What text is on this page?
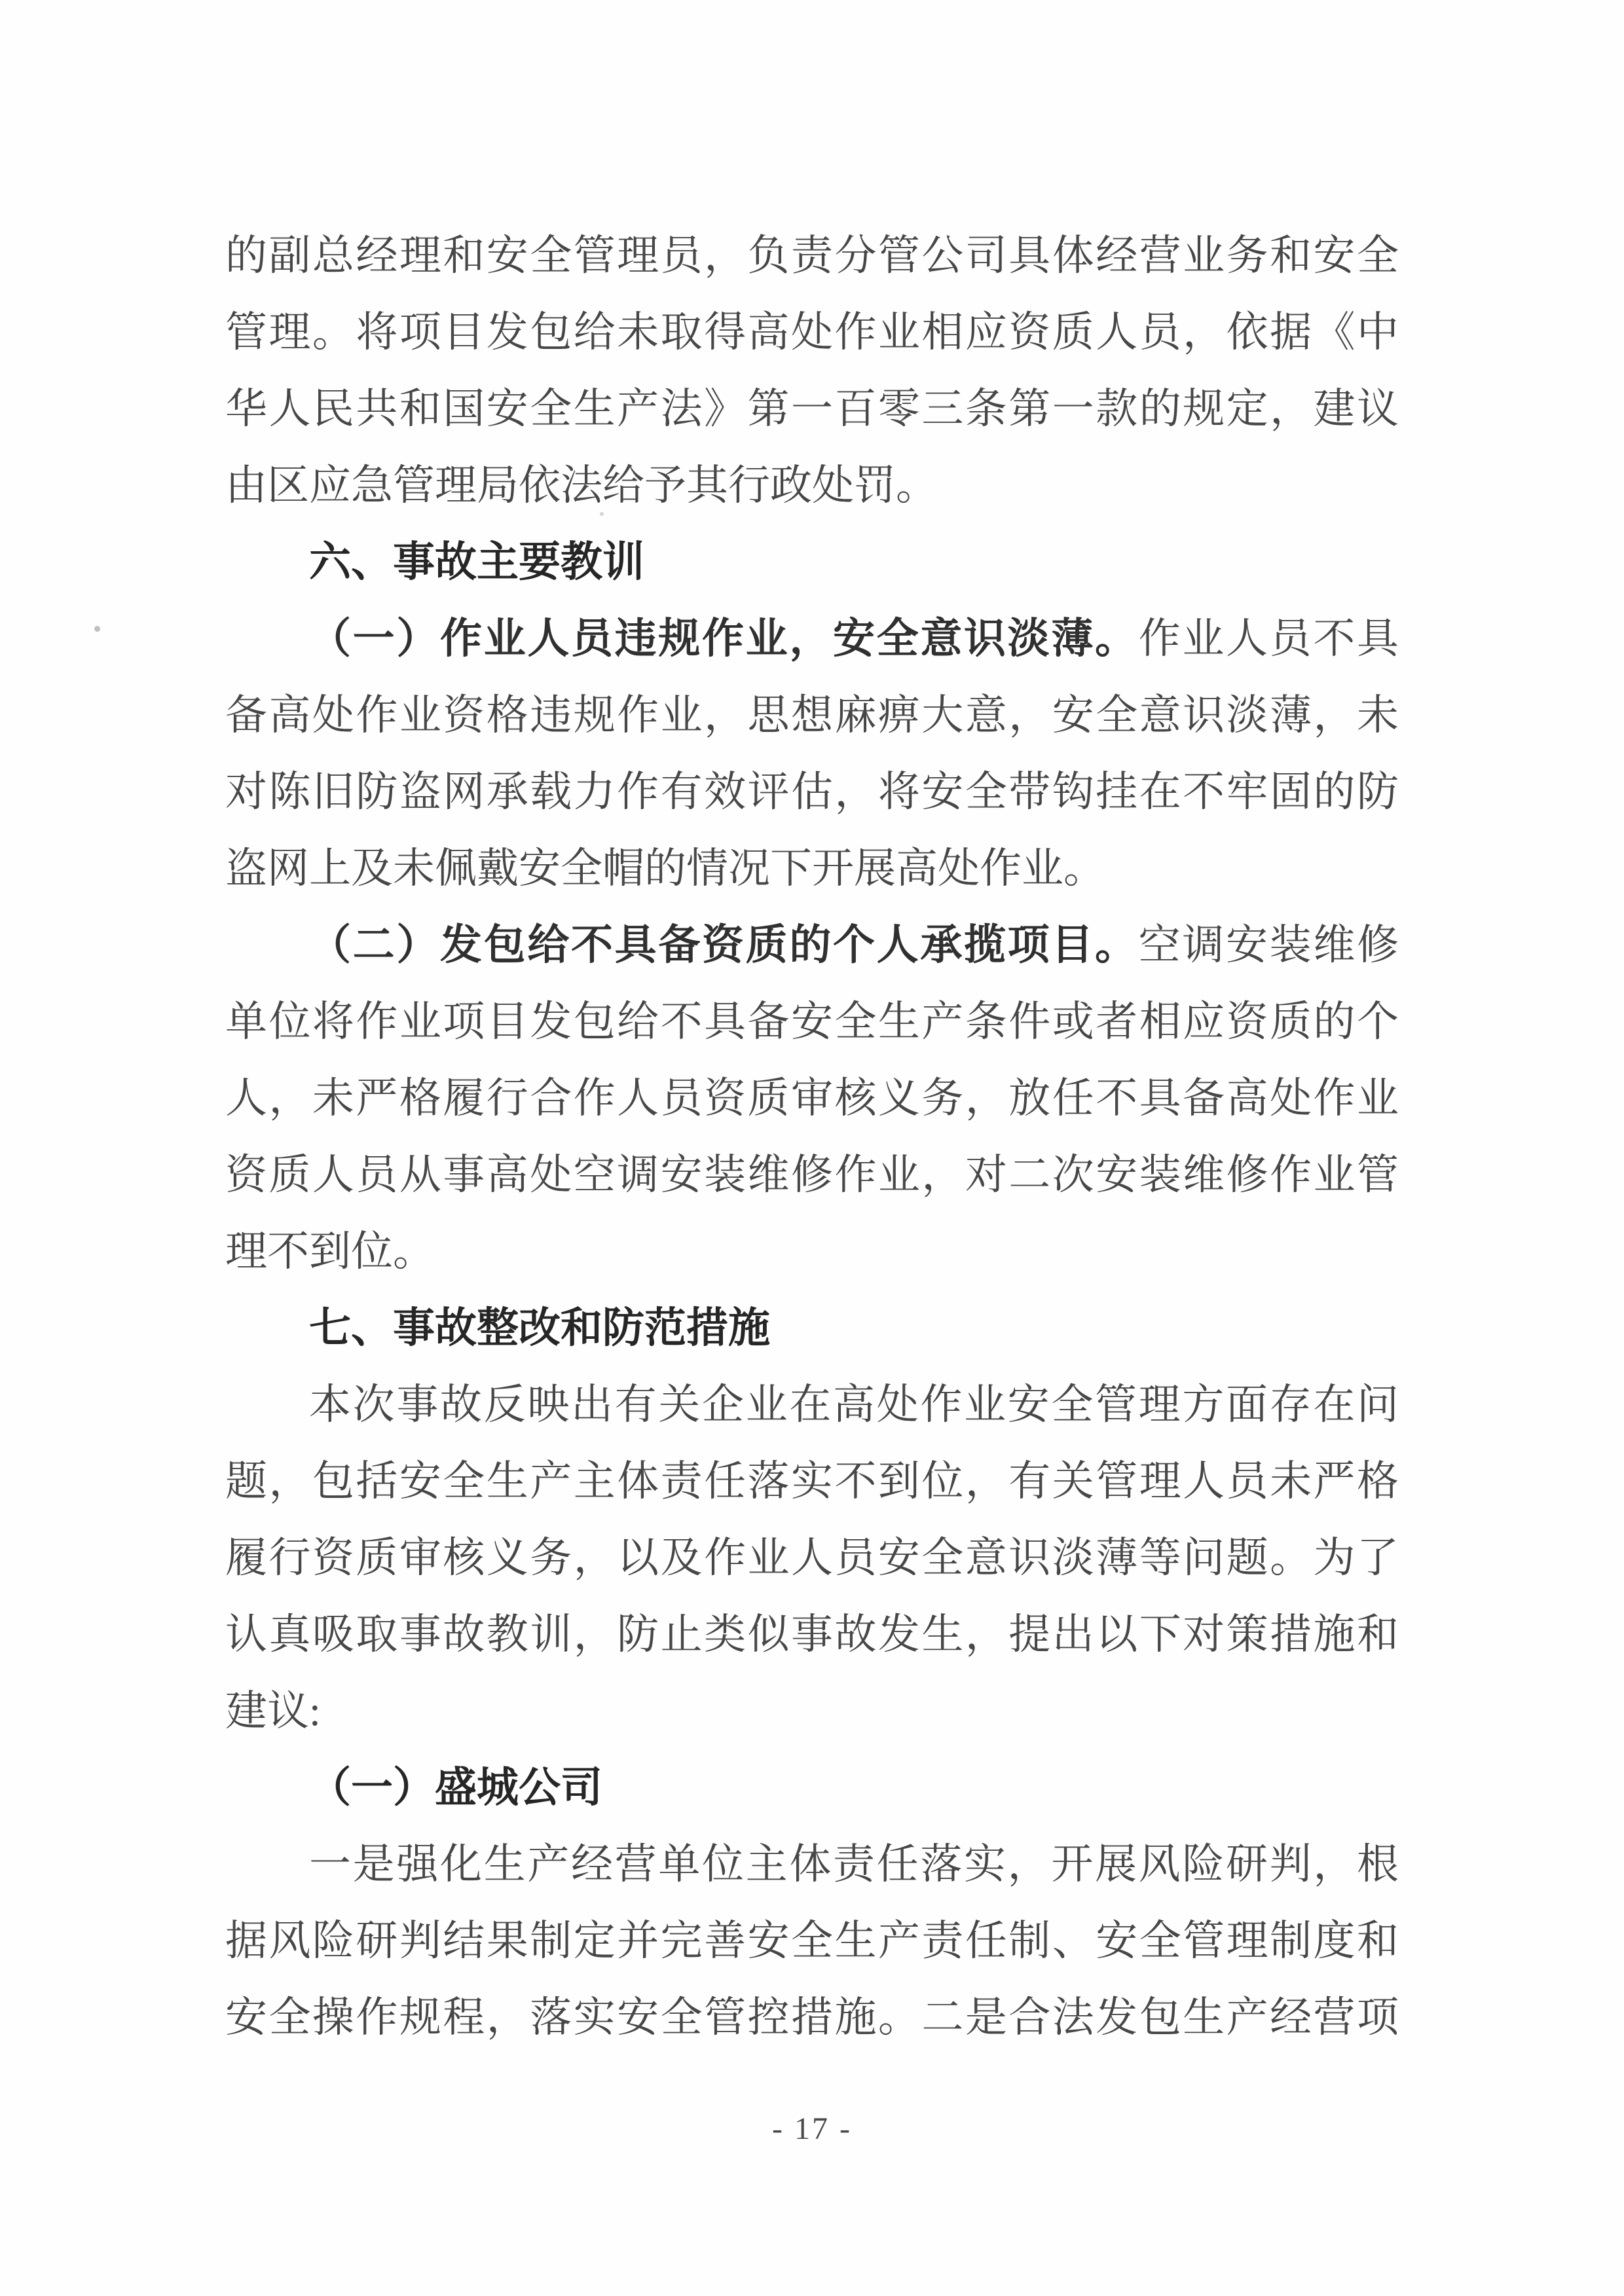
的副总经理和安全管理员，负责分管公司具体经营业务和安全
管理。将项目发包给未取得高处作业相应资质人员，依据《中
华人民共和国安全生产法》第一百零三条第一款的规定，建议
由区应急管理局依法给予其行政处罚。
六、事故主要教训
（一）作业人员违规作业，安全意识淡薄。作业人员不具
备高处作业资格违规作业，思想麻痹大意，安全意识淡薄，未
对陈旧防盗网承载力作有效评估，将安全带钩挂在不牢固的防
盗网上及未佩戴安全帽的情况下开展高处作业。
（二）发包给不具备资质的个人承揽项目。空调安装维修
单位将作业项目发包给不具备安全生产条件或者相应资质的个
人，未严格履行合作人员资质审核义务，放任不具备高处作业
资质人员从事高处空调安装维修作业，对二次安装维修作业管
理不到位。
七、事故整改和防范措施
本次事故反映出有关企业在高处作业安全管理方面存在问
题，包括安全生产主体责任落实不到位，有关管理人员未严格
履行资质审核义务，以及作业人员安全意识淡薄等问题。为了
认真吸取事故教训，防止类似事故发生，提出以下对策措施和
建议:
（一）盛城公司
一是强化生产经营单位主体责任落实，开展风险研判，根
据风险研判结果制定并完善安全生产责任制、安全管理制度和
安全操作规程，落实安全管控措施。二是合法发包生产经营项
- 17 -
